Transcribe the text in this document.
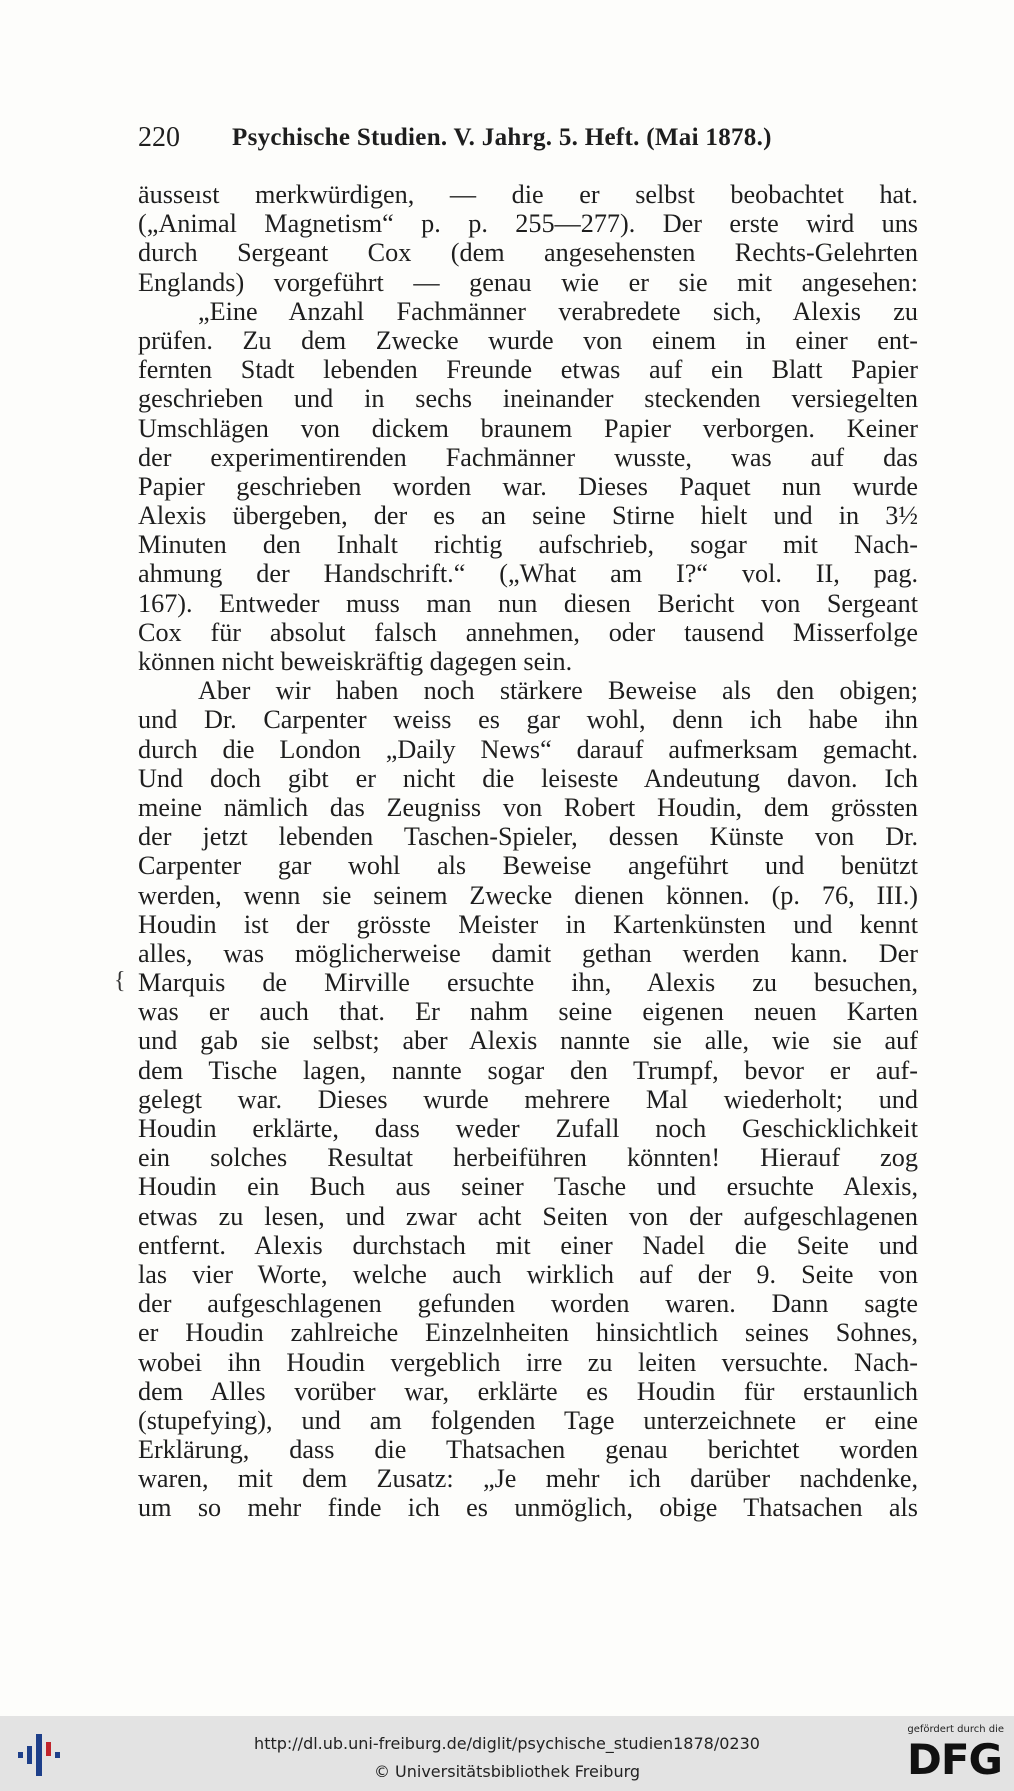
220 Psychische Studien. V. Jahrg. 5. Heft. (Mai 1878.)
äusseıst merkwürdigen, — die er selbst beobachtet hat.
(„Animal Magnetism“ p. p. 255—277). Der erste wird uns
durch Sergeant Cox (dem angesehensten Rechts-Gelehrten
Englands) vorgeführt — genau wie er sie mit angesehen:
„Eine Anzahl Fachmänner verabredete sich, Alexis zu
prüfen. Zu dem Zwecke wurde von einem in einer ent-
fernten Stadt lebenden Freunde etwas auf ein Blatt Papier
geschrieben und in sechs ineinander steckenden versiegelten
Umschlägen von dickem braunem Papier verborgen. Keiner
der experimentirenden Fachmänner wusste, was auf das
Papier geschrieben worden war. Dieses Paquet nun wurde
Alexis übergeben, der es an seine Stirne hielt und in 3½
Minuten den Inhalt richtig aufschrieb, sogar mit Nach-
ahmung der Handschrift.“ („What am I?“ vol. II, pag.
167). Entweder muss man nun diesen Bericht von Sergeant
Cox für absolut falsch annehmen, oder tausend Misserfolge
können nicht beweiskräftig dagegen sein.
Aber wir haben noch stärkere Beweise als den obigen;
und Dr. Carpenter weiss es gar wohl, denn ich habe ihn
durch die London „Daily News“ darauf aufmerksam gemacht.
Und doch gibt er nicht die leiseste Andeutung davon. Ich
meine nämlich das Zeugniss von Robert Houdin, dem grössten
der jetzt lebenden Taschen-Spieler, dessen Künste von Dr.
Carpenter gar wohl als Beweise angeführt und benützt
werden, wenn sie seinem Zwecke dienen können. (p. 76, III.)
Houdin ist der grösste Meister in Kartenkünsten und kennt
alles, was möglicherweise damit gethan werden kann. Der
Marquis de Mirville ersuchte ihn, Alexis zu besuchen,
was er auch that. Er nahm seine eigenen neuen Karten
und gab sie selbst; aber Alexis nannte sie alle, wie sie auf
dem Tische lagen, nannte sogar den Trumpf, bevor er auf-
gelegt war. Dieses wurde mehrere Mal wiederholt; und
Houdin erklärte, dass weder Zufall noch Geschicklichkeit
ein solches Resultat herbeiführen könnten! Hierauf zog
Houdin ein Buch aus seiner Tasche und ersuchte Alexis,
etwas zu lesen, und zwar acht Seiten von der aufgeschlagenen
entfernt. Alexis durchstach mit einer Nadel die Seite und
las vier Worte, welche auch wirklich auf der 9. Seite von
der aufgeschlagenen gefunden worden waren. Dann sagte
er Houdin zahlreiche Einzelnheiten hinsichtlich seines Sohnes,
wobei ihn Houdin vergeblich irre zu leiten versuchte. Nach-
dem Alles vorüber war, erklärte es Houdin für erstaunlich
(stupefying), und am folgenden Tage unterzeichnete er eine
Erklärung, dass die Thatsachen genau berichtet worden
waren, mit dem Zusatz: „Je mehr ich darüber nachdenke,
um so mehr finde ich es unmöglich, obige Thatsachen als
{
http://dl.ub.uni-freiburg.de/diglit/psychische_studien1878/0230
© Universitätsbibliothek Freiburg
gefördert durch die
DFG
